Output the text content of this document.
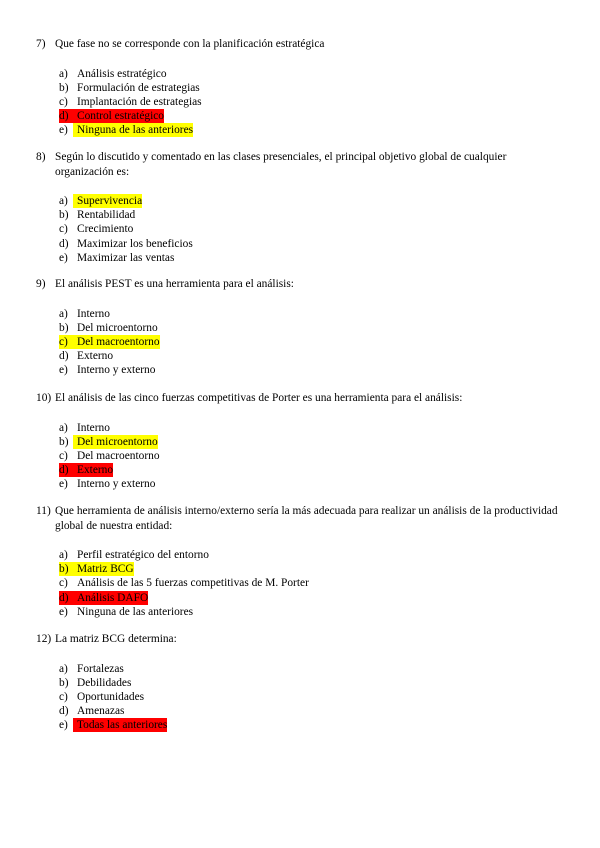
7) Que fase no se corresponde con la planificación estratégica
a) Análisis estratégico
b) Formulación de estrategias
c) Implantación de estrategias
d) Control estratégico
e) Ninguna de las anteriores
8) Según lo discutido y comentado en las clases presenciales, el principal objetivo global de cualquier organización es:
a) Supervivencia
b) Rentabilidad
c) Crecimiento
d) Maximizar los beneficios
e) Maximizar las ventas
9) El análisis PEST es una herramienta para el análisis:
a) Interno
b) Del microentorno
c) Del macroentorno
d) Externo
e) Interno y externo
10) El análisis de las cinco fuerzas competitivas de Porter es una herramienta para el análisis:
a) Interno
b) Del microentorno
c) Del macroentorno
d) Externo
e) Interno y externo
11) Que herramienta de análisis interno/externo sería la más adecuada para realizar un análisis de la productividad global de nuestra entidad:
a) Perfil estratégico del entorno
b) Matriz BCG
c) Análisis de las 5 fuerzas competitivas de M. Porter
d) Análisis DAFO
e) Ninguna de las anteriores
12) La matriz BCG determina:
a) Fortalezas
b) Debilidades
c) Oportunidades
d) Amenazas
e) Todas las anteriores
